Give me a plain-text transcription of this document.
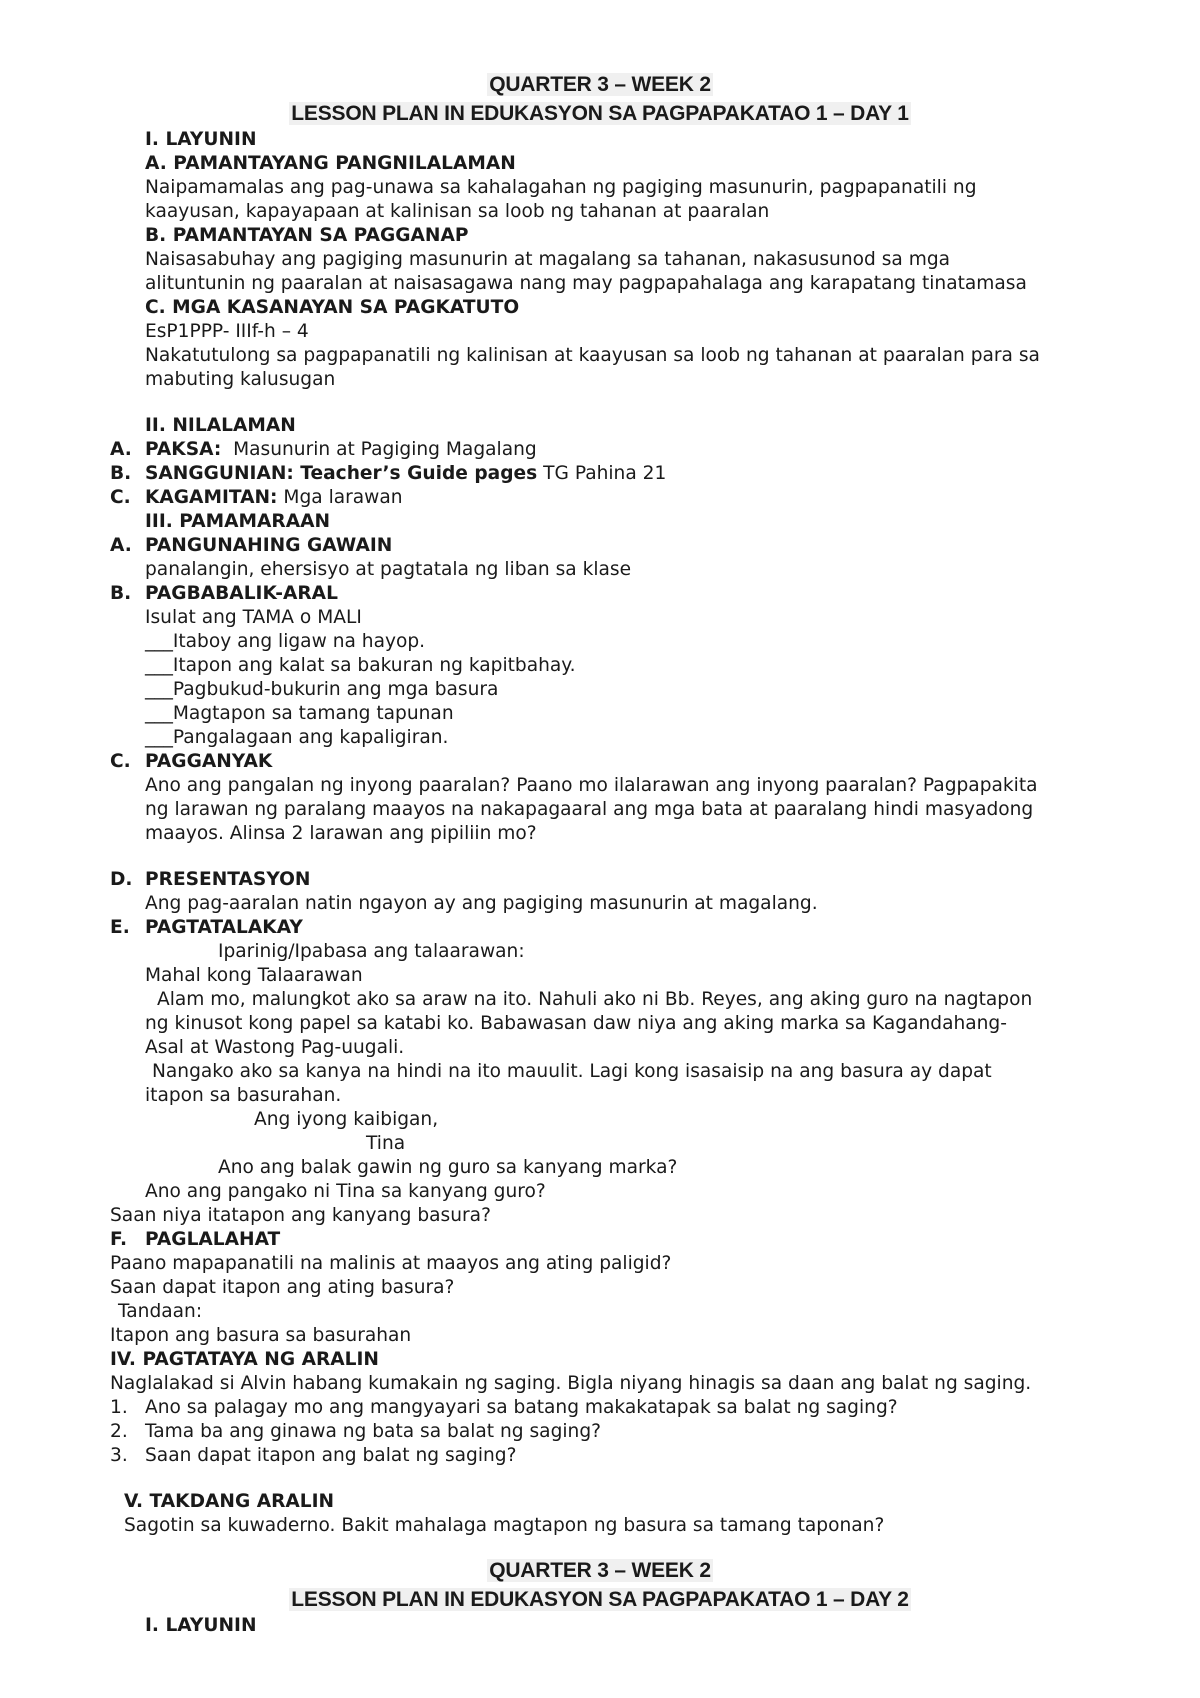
QUARTER 3 – WEEK 2
LESSON PLAN IN EDUKASYON SA PAGPAPAKATAO 1 – DAY 1
I. LAYUNIN
A. PAMANTAYANG PANGNILALAMAN
Naipamamalas ang pag-unawa sa kahalagahan ng pagiging masunurin, pagpapanatili ng
kaayusan, kapayapaan at kalinisan sa loob ng tahanan at paaralan
B. PAMANTAYAN SA PAGGANAP
Naisasabuhay ang pagiging masunurin at magalang sa tahanan, nakasusunod sa mga
alituntunin ng paaralan at naisasagawa nang may pagpapahalaga ang karapatang tinatamasa
C. MGA KASANAYAN SA PAGKATUTO
EsP1PPP- IIIf-h – 4
Nakatutulong sa pagpapanatili ng kalinisan at kaayusan sa loob ng tahanan at paaralan para sa
mabuting kalusugan
II. NILALAMAN
A. PAKSA: Masunurin at Pagiging Magalang
B. SANGGUNIAN: Teacher’s Guide pages TG Pahina 21
C. KAGAMITAN: Mga larawan
III. PAMAMARAAN
A. PANGUNAHING GAWAIN
panalangin, ehersisyo at pagtatala ng liban sa klase
B. PAGBABALIK-ARAL
Isulat ang TAMA o MALI
___Itaboy ang ligaw na hayop.
___Itapon ang kalat sa bakuran ng kapitbahay.
___Pagbukud-bukurin ang mga basura
___Magtapon sa tamang tapunan
___Pangalagaan ang kapaligiran.
C. PAGGANYAK
Ano ang pangalan ng inyong paaralan? Paano mo ilalarawan ang inyong paaralan? Pagpapakita
ng larawan ng paralang maayos na nakapagaaral ang mga bata at paaralang hindi masyadong
maayos. Alinsa 2 larawan ang pipiliin mo?
D. PRESENTASYON
Ang pag-aaralan natin ngayon ay ang pagiging masunurin at magalang.
E. PAGTATALAKAY
Iparinig/Ipabasa ang talaarawan:
Mahal kong Talaarawan
Alam mo, malungkot ako sa araw na ito. Nahuli ako ni Bb. Reyes, ang aking guro na nagtapon
ng kinusot kong papel sa katabi ko. Babawasan daw niya ang aking marka sa Kagandahang-
Asal at Wastong Pag-uugali.
Nangako ako sa kanya na hindi na ito mauulit. Lagi kong isasaisip na ang basura ay dapat
itapon sa basurahan.
Ang iyong kaibigan,
Tina
Ano ang balak gawin ng guro sa kanyang marka?
Ano ang pangako ni Tina sa kanyang guro?
Saan niya itatapon ang kanyang basura?
F. PAGLALAHAT
Paano mapapanatili na malinis at maayos ang ating paligid?
Saan dapat itapon ang ating basura?
Tandaan:
Itapon ang basura sa basurahan
IV. PAGTATAYA NG ARALIN
Naglalakad si Alvin habang kumakain ng saging. Bigla niyang hinagis sa daan ang balat ng saging.
1. Ano sa palagay mo ang mangyayari sa batang makakatapak sa balat ng saging?
2. Tama ba ang ginawa ng bata sa balat ng saging?
3. Saan dapat itapon ang balat ng saging?
V. TAKDANG ARALIN
Sagotin sa kuwaderno. Bakit mahalaga magtapon ng basura sa tamang taponan?
QUARTER 3 – WEEK 2
LESSON PLAN IN EDUKASYON SA PAGPAPAKATAO 1 – DAY 2
I. LAYUNIN
